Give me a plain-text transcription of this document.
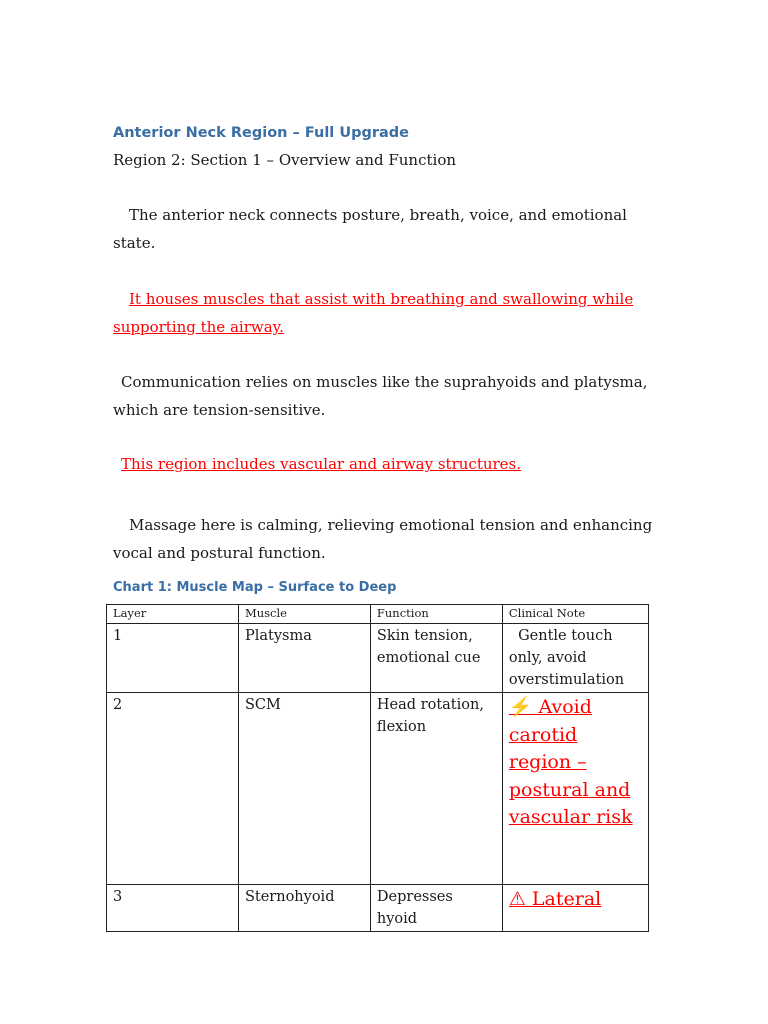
Anterior Neck Region – Full Upgrade
Region 2: Section 1 – Overview and Function
The anterior neck connects posture, breath, voice, and emotional state.
It houses muscles that assist with breathing and swallowing while supporting the airway.
Communication relies on muscles like the suprahyoids and platysma, which are tension-sensitive.
This region includes vascular and airway structures.
Massage here is calming, relieving emotional tension and enhancing vocal and postural function.
Chart 1: Muscle Map – Surface to Deep
Layer	Muscle	Function	Clinical Note
1	Platysma	Skin tension, emotional cue	Gentle touch only, avoid overstimulation
2	SCM	Head rotation, flexion	⚡ Avoid carotid region – postural and vascular risk
3	Sternohyoid	Depresses hyoid	⚠ Lateral
